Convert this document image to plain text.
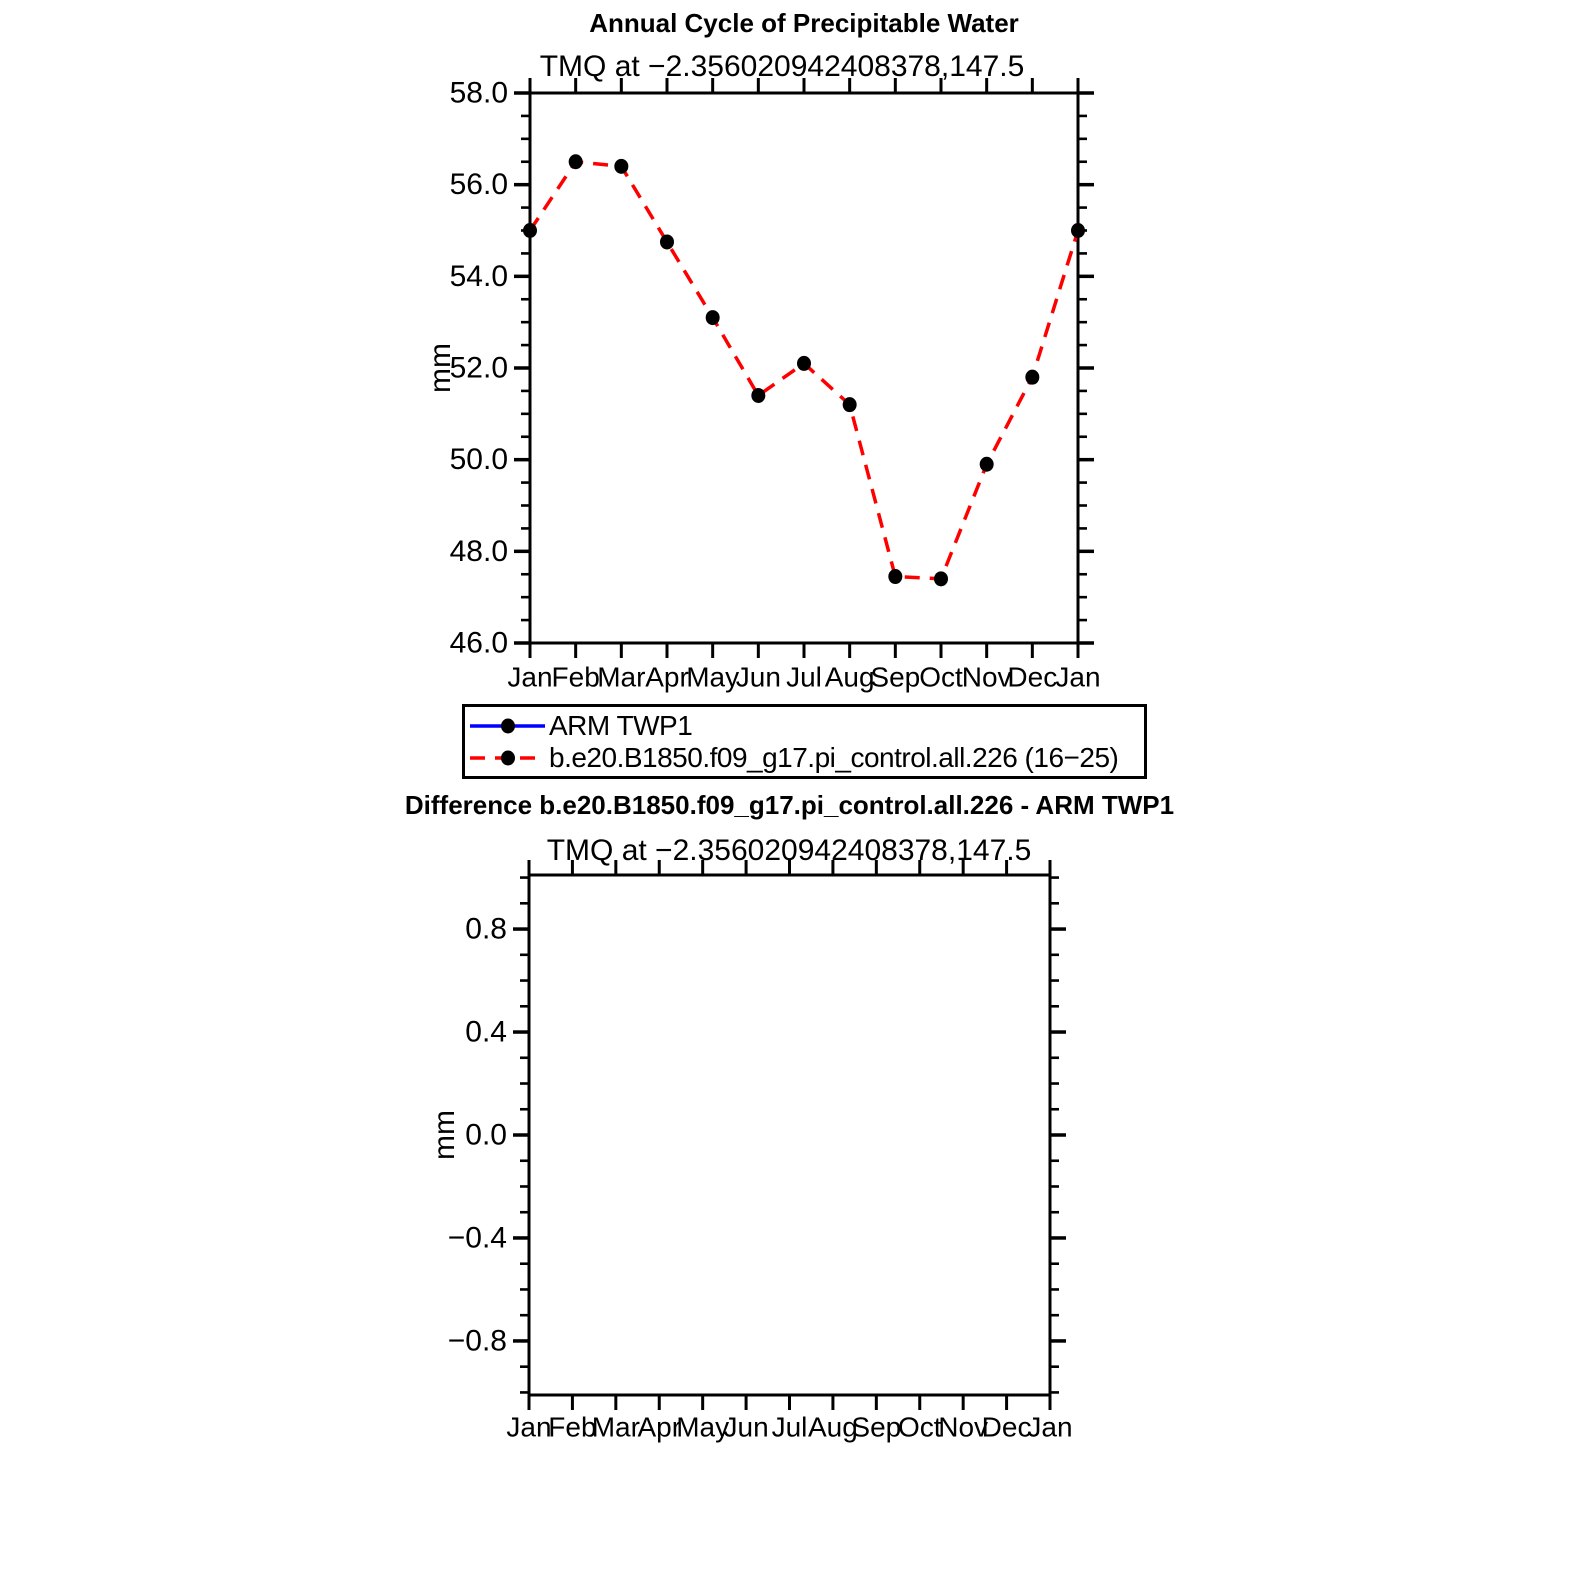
58.0
56.0
54.0
52.0
50.0
48.0
46.0
Jan
Feb
Mar Apr
May
Jun Jul Aug
Sep
Oct
Nov
Dec
Jan
0.8
0.4
0.0
−0.4
−0.8
Jan
Feb
Mar
Apr
May
Jun Jul Aug
Sep
Oct
Nov
Dec
Jan
Annual Cycle of Precipitable Water
TMQ at −2.356020942408378,147.5
mm
ARM TWP1
b.e20.B1850.f09_g17.pi_control.all.226 (16−25)
Difference b.e20.B1850.f09_g17.pi_control.all.226 - ARM TWP1
TMQ at −2.356020942408378,147.5
mm
